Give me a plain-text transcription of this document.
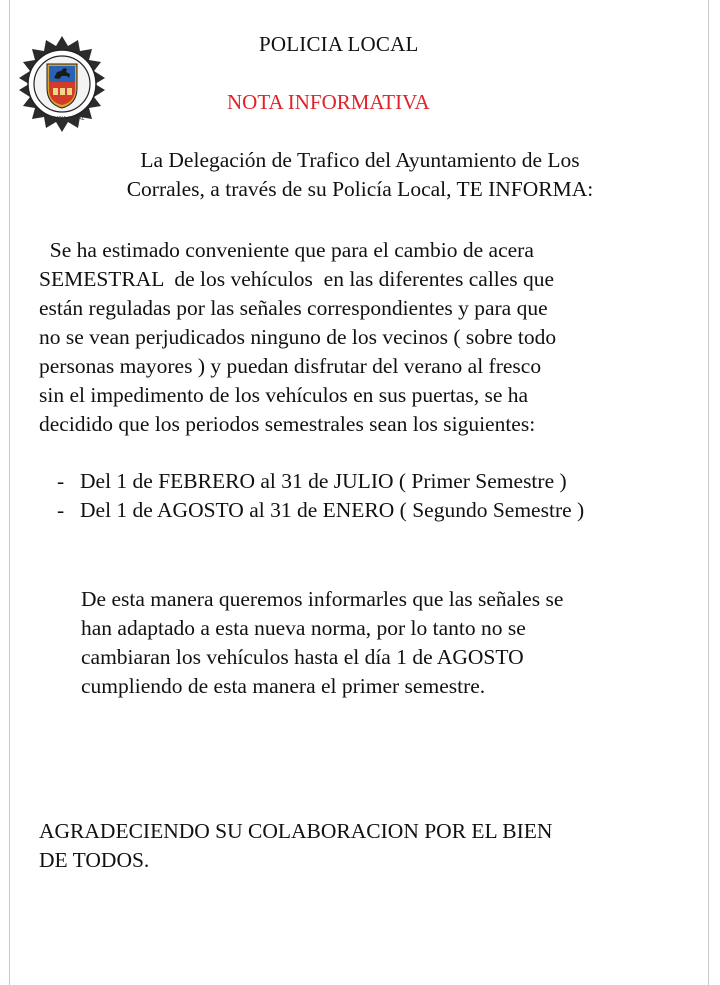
POLICIA LOCAL
POLICIA LOCAL
NOTA INFORMATIVA
La Delegación de Trafico del Ayuntamiento de Los
Corrales, a través de su Policía Local, TE INFORMA:
Se ha estimado conveniente que para el cambio de acera
SEMESTRAL  de los vehículos  en las diferentes calles que
están reguladas por las señales correspondientes y para que
no se vean perjudicados ninguno de los vecinos ( sobre todo
personas mayores ) y puedan disfrutar del verano al fresco
sin el impedimento de los vehículos en sus puertas, se ha
decidido que los periodos semestrales sean los siguientes:
- Del 1 de FEBRERO al 31 de JULIO ( Primer Semestre )
- Del 1 de AGOSTO al 31 de ENERO ( Segundo Semestre )
De esta manera queremos informarles que las señales se
han adaptado a esta nueva norma, por lo tanto no se
cambiaran los vehículos hasta el día 1 de AGOSTO
cumpliendo de esta manera el primer semestre.
AGRADECIENDO SU COLABORACION POR EL BIEN
DE TODOS.
